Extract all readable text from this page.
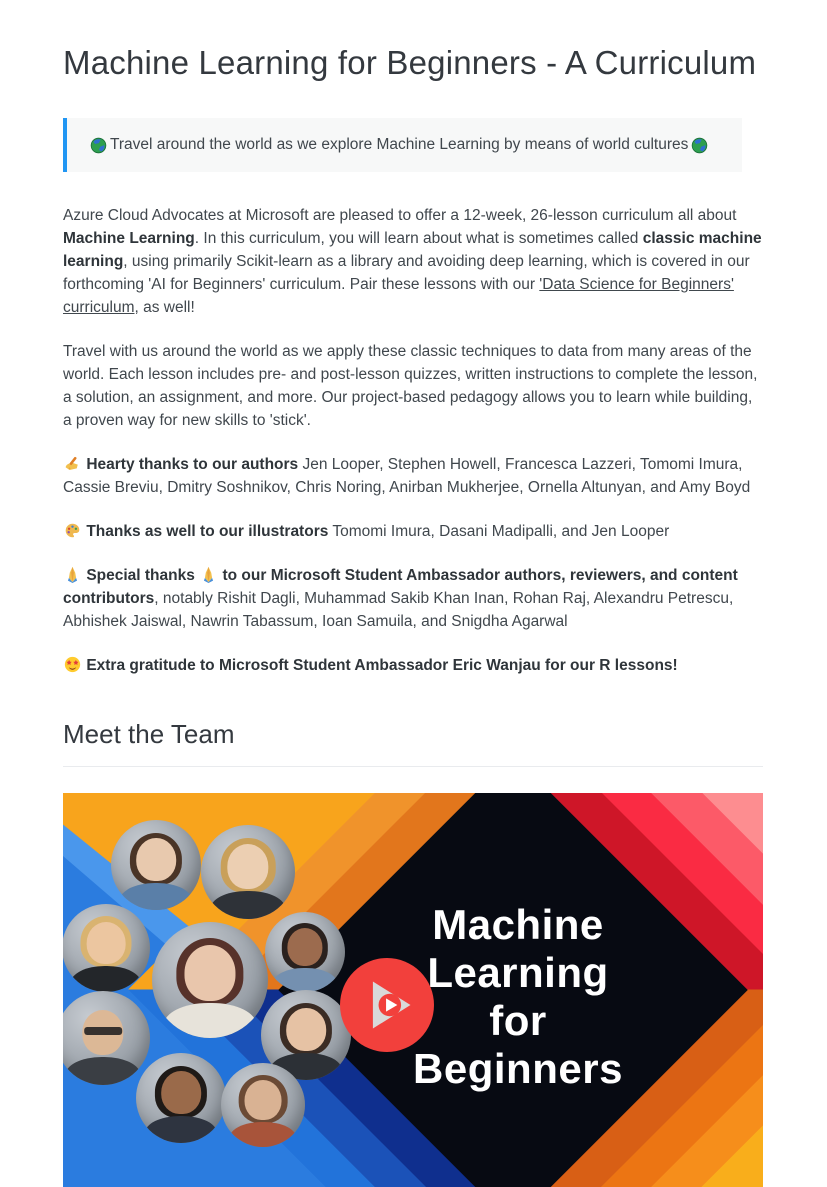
Machine Learning for Beginners - A Curriculum
Travel around the world as we explore Machine Learning by means of world cultures

Azure Cloud Advocates at Microsoft are pleased to offer a 12-week, 26-lesson curriculum all about Machine Learning. In this curriculum, you will learn about what is sometimes called classic machine learning, using primarily Scikit-learn as a library and avoiding deep learning, which is covered in our forthcoming 'AI for Beginners' curriculum. Pair these lessons with our 'Data Science for Beginners' curriculum, as well!

Travel with us around the world as we apply these classic techniques to data from many areas of the world. Each lesson includes pre- and post-lesson quizzes, written instructions to complete the lesson, a solution, an assignment, and more. Our project-based pedagogy allows you to learn while building, a proven way for new skills to 'stick'.

Hearty thanks to our authors Jen Looper, Stephen Howell, Francesca Lazzeri, Tomomi Imura, Cassie Breviu, Dmitry Soshnikov, Chris Noring, Anirban Mukherjee, Ornella Altunyan, and Amy Boyd

Thanks as well to our illustrators Tomomi Imura, Dasani Madipalli, and Jen Looper

Special thanks
to our Microsoft Student Ambassador authors, reviewers, and content contributors, notably Rishit Dagli, Muhammad Sakib Khan Inan, Rohan Raj, Alexandru Petrescu, Abhishek Jaiswal, Nawrin Tabassum, Ioan Samuila, and Snigdha Agarwal

Extra gratitude to Microsoft Student Ambassador Eric Wanjau for our R lessons!

Meet the Team
Machine
Learning
for
Beginners
